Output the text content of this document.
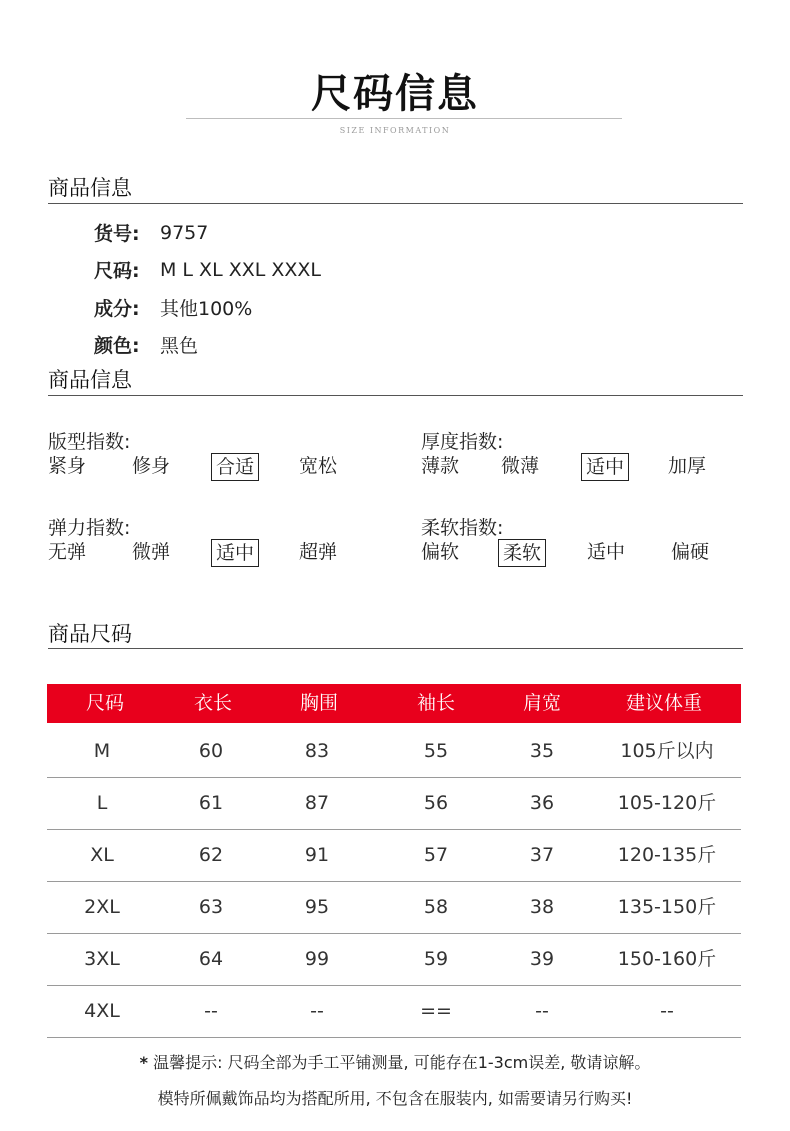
尺码信息
SIZE INFORMATION
商品信息
货号:	9757
尺码:	M L XL XXL XXXL
成分:	其他100%
颜色:	黑色
商品信息
版型指数:
紧身 修身 合适 宽松
厚度指数:
薄款 微薄 适中 加厚
弹力指数:
无弹 微弹 适中 超弹
柔软指数:
偏软 柔软 适中 偏硬
商品尺码
尺码	衣长	胸围	袖长	肩宽	建议体重
M	60	83	55	35	105斤以内
L	61	87	56	36	105-120斤
XL	62	91	57	37	120-135斤
2XL	63	95	58	38	135-150斤
3XL	64	99	59	39	150-160斤
4XL	--	--	==	--	--
* 温馨提示: 尺码全部为手工平铺测量, 可能存在1-3cm误差, 敬请谅解。
模特所佩戴饰品均为搭配所用, 不包含在服装内, 如需要请另行购买!
